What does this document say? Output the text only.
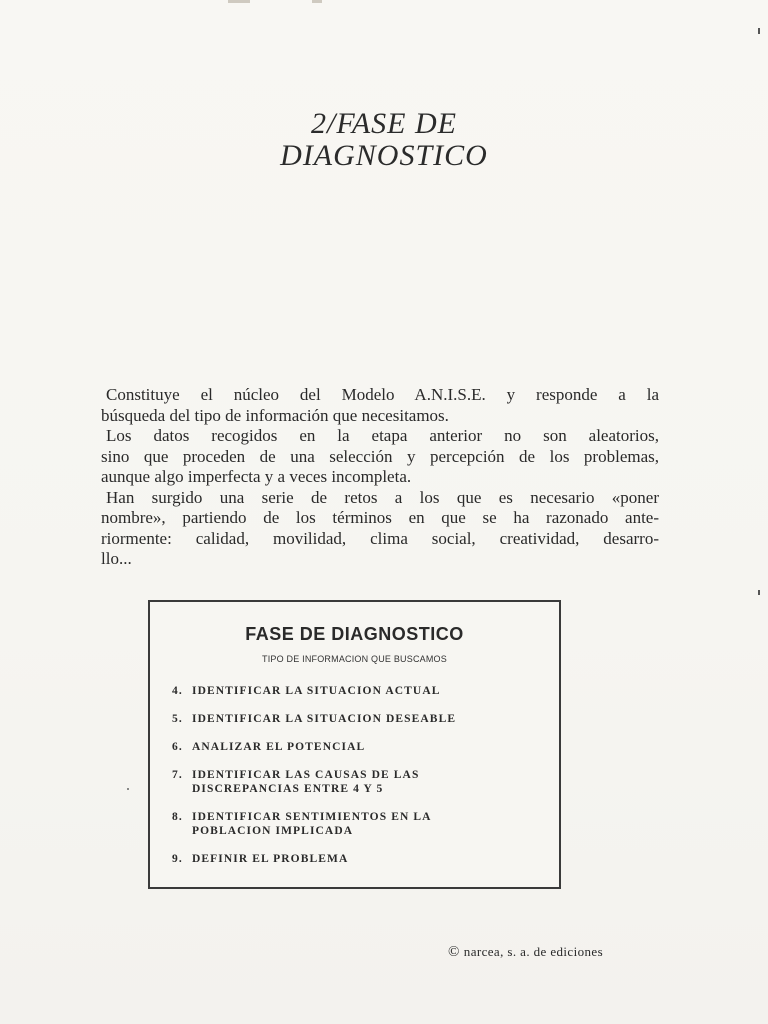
2/FASE DE
DIAGNOSTICO
Constituye el núcleo del Modelo A.N.I.S.E. y responde a la
búsqueda del tipo de información que necesitamos.
Los datos recogidos en la etapa anterior no son aleatorios,
sino que proceden de una selección y percepción de los problemas,
aunque algo imperfecta y a veces incompleta.
Han surgido una serie de retos a los que es necesario «poner
nombre», partiendo de los términos en que se ha razonado ante-
riormente: calidad, movilidad, clima social, creatividad, desarro-
llo...
FASE DE DIAGNOSTICO
TIPO DE INFORMACION QUE BUSCAMOS
4. IDENTIFICAR LA SITUACION ACTUAL
5. IDENTIFICAR LA SITUACION DESEABLE
6. ANALIZAR EL POTENCIAL
7. IDENTIFICAR LAS CAUSAS DE LAS
DISCREPANCIAS ENTRE 4 Y 5
8. IDENTIFICAR SENTIMIENTOS EN LA
POBLACION IMPLICADA
9. DEFINIR EL PROBLEMA
© narcea, s. a. de ediciones
